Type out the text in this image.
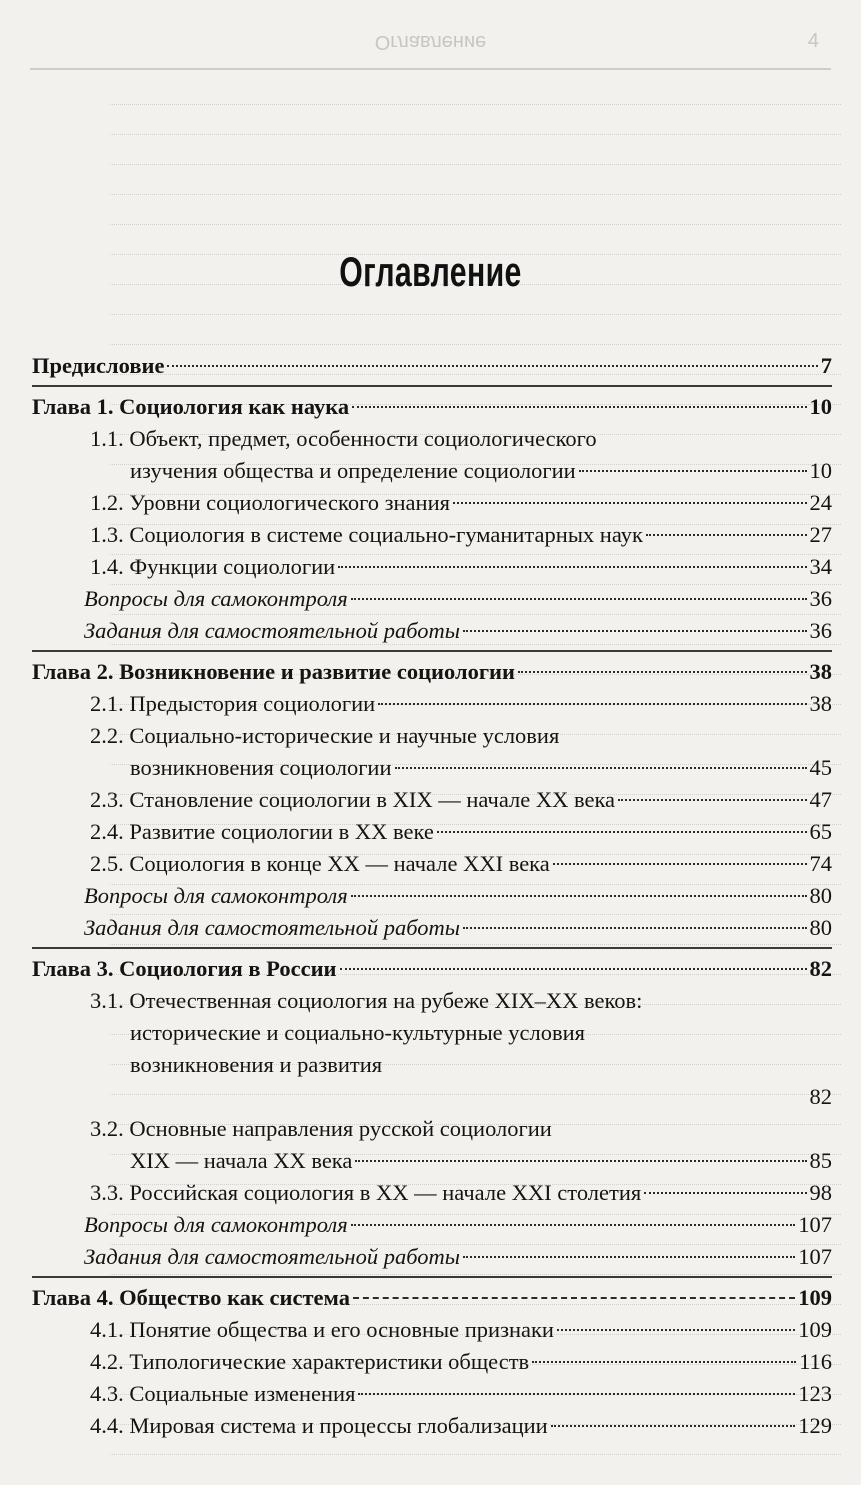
Оглавление	4
Оглавление
Предисловие	7
Глава 1. Социология как наука	10
1.1. Объект, предмет, особенности социологического
изучения общества и определение социологии	10
1.2. Уровни социологического знания	24
1.3. Социология в системе социально-гуманитарных наук	27
1.4. Функции социологии	34
Вопросы для самоконтроля	36
Задания для самостоятельной работы	36
Глава 2. Возникновение и развитие социологии	38
2.1. Предыстория социологии	38
2.2. Социально-исторические и научные условия
возникновения социологии	45
2.3. Становление социологии в XIX — начале XX века	47
2.4. Развитие социологии в XX веке	65
2.5. Социология в конце XX — начале XXI века	74
Вопросы для самоконтроля	80
Задания для самостоятельной работы	80
Глава 3. Социология в России	82
3.1. Отечественная социология на рубеже XIX–XX веков:
исторические и социально-культурные условия
возникновения и развития
82
3.2. Основные направления русской социологии
XIX — начала XX века	85
3.3. Российская социология в XX — начале XXI столетия	98
Вопросы для самоконтроля	107
Задания для самостоятельной работы	107
Глава 4. Общество как система	109
4.1. Понятие общества и его основные признаки	109
4.2. Типологические характеристики обществ	116
4.3. Социальные изменения	123
4.4. Мировая система и процессы глобализации	129
